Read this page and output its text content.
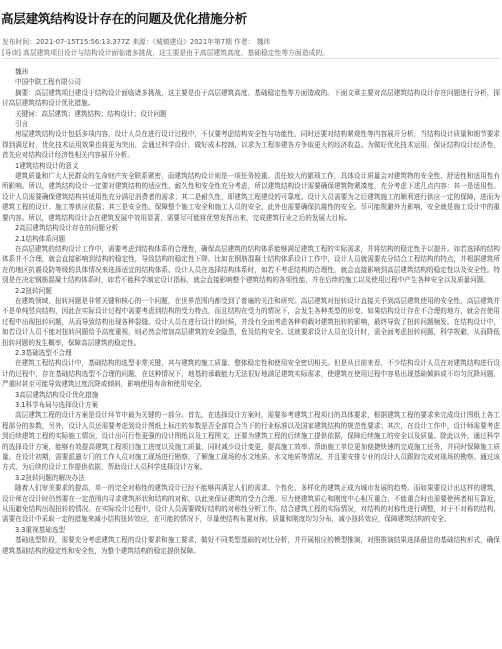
高层建筑结构设计存在的问题及优化措施分析
发布时间：2021-07-15T15:56:13.377Z 来源：《城镇建设》2021年第7期 作者： 魏玮
[导读] 高层建筑项目设计与结构设计面临诸多挑战，这主要是由于高层建筑高度、基础稳定性等方面造成的。
魏玮
中国中联工程有限公司
摘要：高层建筑项目建设于结构设计面临诸多挑战，这主要是由于高层建筑高度、基础稳定性等方面造成的。下面文章主要对高层建筑结构设计存在问题进行分析，探讨高层建筑结构设计优化措施。
关键词：高层建筑；建筑结构；结构设计；设计问题
引言
房屋建筑结构设计包括多项内容，设计人员在进行设计过程中，不仅要考虑结构安全性与功能性，同时还要对结构紧观性等内容展开分析，当结构设计质量和细节要求得到满足时，优化技术运用效果也将更为突出，会通过科学设计，做好成本控制，以求为工程参建各方争取更大的经济收益。为做好优化技术运用，保证结构设计经济性，首先应对结构设计经济性相关内容展开分析。
1建筑结构设计的意义
建筑质量和广大人民群众的生命财产安全联系紧密，而建筑结构设计则是一项任务较重、责任较大的繁琐工作，具体设计质量会对建筑物的安全性、舒适性和适用性有所影响。所以，建筑结构设计一定要对建筑结构的适应性、耐久性和安全性充分考虑，所以建筑结构设计需要确保建筑物紧凑度，充分考虑下述几点内容：其一是适用性。设计人员需要确保建筑结构其适用性充分满足消费者的需求；其二是耐久性，即建筑工程建设的可靠度。设计人员需要为之后建筑施工的顺利进行供应一定的保障，进而为建筑工程的设计、施工等供应依据；其三是安全性。保障整个施工安全和施工人员的安全，此外也需要确保抗震性的安全。尽可能规避外力影响，安全就是施工设计中的重要内容。所以，建筑结构设计会在建筑发展中效用显著，需要尽可能将优势发挥出来，完成建筑行业之后的发展大目标。
2高层建筑结构设计存在的问题分析
2.1结构体系问题
在高层建筑的结构设计工作中，需要考虑到结构体系的合理性，确保高层建筑的结构体系能够满足建筑工程的实际需求，并将结构的稳定性予以提升。如若选择的结构体系并不合理，就会直接影响到结构的稳定性，导致结构的稳定性下降。比如在钢筋混凝土结构体系设计工作中，设计人员就需要充分结合工程结构的特点，并根据建筑所在的地区抗震设防等级的具体情况来选择适宜的结构体系。设计人员在选择结构体系时，如若不考虑结构的合理性，就会直接影响到高层建筑结构的稳定性以及安全性。特别是在决定钢筋混凝土结构体系时，如若不能科学制定设计指标，就会直接影响整个建筑结构的各项性能，并在后续的施工以及使用过程中产生各种安全以及质量问题。
2.2扭转问题
在建筑领域，扭转问题是非常关键和核心的一个问题，在世界范围内都受到了普遍的关注和研究。高层建筑对扭转设计直接关乎到高层建筑使用的安全性。高层建筑并不是单纯竖向结构，因此在实际设计过程中需要考虑到结构的受力特点，而且结构在受力的情况下，会发生各种类型的形变。如果结构设计存在不合理的地方，就会在使用过程中出现扭转问题，从而导致结构出现各种裂缝。设计人员在进行设计的时候，并没有全面考虑各种荷载对建筑扭转的影响，最终导致了扭转问题频发。在结构设计中，如若设计人员不能对扭转问题给予高度重视，则必然会增加高层建筑的安全隐患，危及结构安全。这就要求设计人员在设计时，需全面考虑扭转问题，科学规避，从而降低扭转问题的发生概率，保障高层建筑的稳定性。
2.3基础选型不合理
在建筑工程结构设计中，基础结构的选型非常关键，其与建筑的施工质量、整体稳定性和使用安全密切相关。但是从目前来看，不少结构设计人员在对建筑结构进行设计的过程中，存在基础结构选型不合理的问题，在这种情况下，地基的承载能力无法很好地满足建筑实际需求，使建筑在使用过程中容易出现基础倾斜或不均匀沉降问题，严重时甚至可能导致建筑过度沉降或倾斜，影响使用寿命和使用安全。
3高层建筑结构设计优化措施
3.1科学布局与选择设计方案
高层建筑工程的设计方案是设计环节中最为关键的一部分。首先，在选择设计方案时，需要参考建筑工程项目的具体要求，根据建筑工程的要求来完成设计图纸上各工程部分的参数，另外，设计人员还需要考虑到设计图纸上标注的参数是否全部符合当下的行业标准以及国家建筑结构的规范性要求；其次，在设计工作中，设计师需要考虑到后续建筑工程的实际施工情况，设计出可行性更强的设计图纸以及工程图文，还要为建筑工程的后续施工提供依据，保障后续施工的安全以及质量。除此以外，通过科学的选择设计方案，能够有效提高建筑工程项目施工进度以及施工质量，同时减少设计变更，提高施工效率。帮助施工单位更加便捷快速的完成施工任务，并同时保障施工质量。在设计初期，需要派遣专门的工作人员对施工现场进行勘察，了解施工现场的水文地质、水文地质等情况，并且要安排专业的设计人员跟踪完成对现场的勘察。通过该方式，为后续的设计工作提供依据，帮助设计人员科学选择设计方案。
3.2扭转问题的解决办法
随着人们审美要求的提高，单一的完全对称性的建筑设计已经不能够再满足人们的需求。个性化、多样化的建筑正成为城市发展的趋势。而如果要设计出这样的建筑，设计师在设计时仍然要在一定范围内寻求建筑形状和结构的对称，以此来保证建筑的受力合理。尽力使建筑质心和刚度中心相互重合，不能重合时也需要使两者相互靠近，从而避免结构出现扭转的情况。在实际设计过程中，设计人员需要做好结构的对称性分析工作，结合建筑工程的实际情况，对结构的对称性进行调整，对于不对称的结构，需要在设计中采取一定的措施来减小结构扭转效应，在可能的情况下，尽量使结构布置对称，质量和刚度均匀分布，减小扭转效应，保障建筑结构的安全。
3.3重视基础选型
基础选型阶段，需要充分考虑建筑工程的设计要求和施工要求，做好不同类型基础的对比分析，并开展相应的模型推演，对照推演结果选择最佳的基础结构形式，确保建筑基础结构的稳定性和安全性，为整个建筑结构的稳定提供保障。
